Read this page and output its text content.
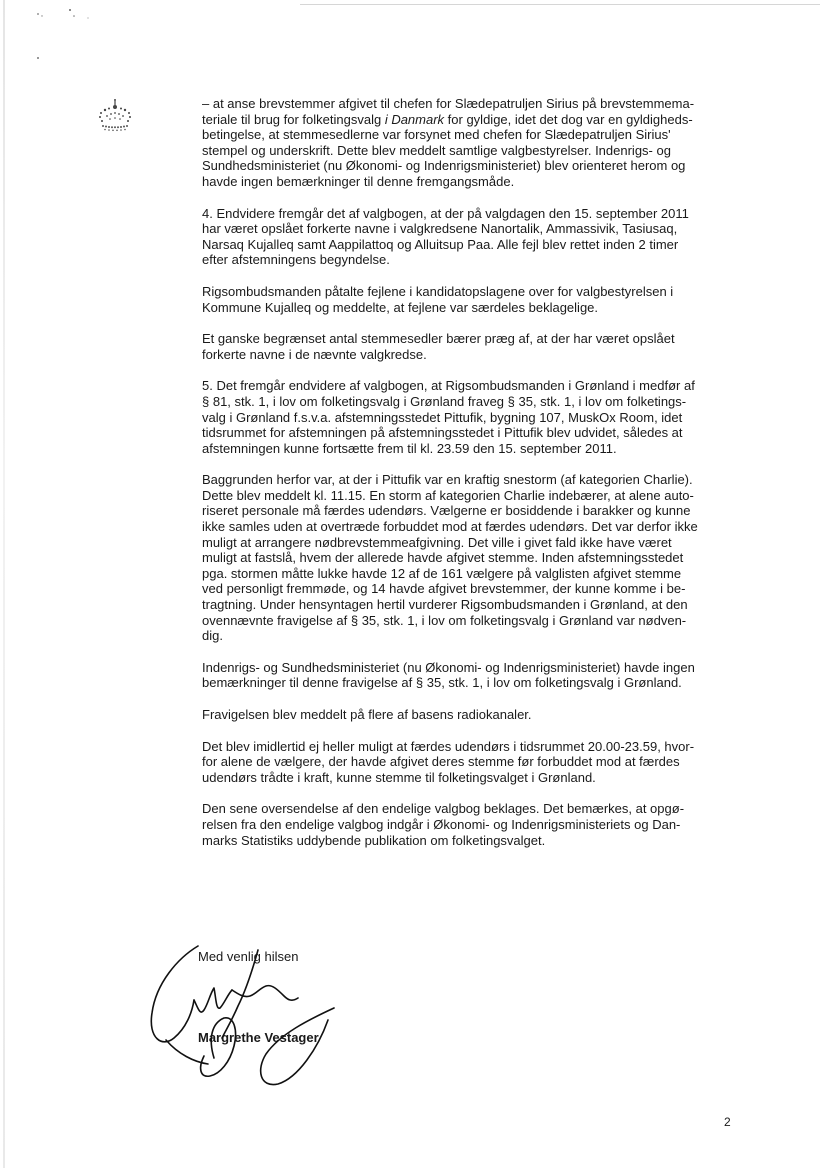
– at anse brevstemmer afgivet til chefen for Slædepatruljen Sirius på brevstemmema-
teriale til brug for folketingsvalg i Danmark for gyldige, idet det dog var en gyldigheds-
betingelse, at stemmesedlerne var forsynet med chefen for Slædepatruljen Sirius'
stempel og underskrift. Dette blev meddelt samtlige valgbestyrelser. Indenrigs- og
Sundhedsministeriet (nu Økonomi- og Indenrigsministeriet) blev orienteret herom og
havde ingen bemærkninger til denne fremgangsmåde.

4. Endvidere fremgår det af valgbogen, at der på valgdagen den 15. september 2011
har været opslået forkerte navne i valgkredsene Nanortalik, Ammassivik, Tasiusaq,
Narsaq Kujalleq samt Aappilattoq og Alluitsup Paa. Alle fejl blev rettet inden 2 timer
efter afstemningens begyndelse.

Rigsombudsmanden påtalte fejlene i kandidatopslagene over for valgbestyrelsen i
Kommune Kujalleq og meddelte, at fejlene var særdeles beklagelige.

Et ganske begrænset antal stemmesedler bærer præg af, at der har været opslået
forkerte navne i de nævnte valgkredse.

5. Det fremgår endvidere af valgbogen, at Rigsombudsmanden i Grønland i medfør af
§ 81, stk. 1, i lov om folketingsvalg i Grønland fraveg § 35, stk. 1, i lov om folketings-
valg i Grønland f.s.v.a. afstemningsstedet Pittufik, bygning 107, MuskOx Room, idet
tidsrummet for afstemningen på afstemningsstedet i Pittufik blev udvidet, således at
afstemningen kunne fortsætte frem til kl. 23.59 den 15. september 2011.

Baggrunden herfor var, at der i Pittufik var en kraftig snestorm (af kategorien Charlie).
Dette blev meddelt kl. 11.15. En storm af kategorien Charlie indebærer, at alene auto-
riseret personale må færdes udendørs. Vælgerne er bosiddende i barakker og kunne
ikke samles uden at overtræde forbuddet mod at færdes udendørs. Det var derfor ikke
muligt at arrangere nødbrevstemmeafgivning. Det ville i givet fald ikke have været
muligt at fastslå, hvem der allerede havde afgivet stemme. Inden afstemningsstedet
pga. stormen måtte lukke havde 12 af de 161 vælgere på valglisten afgivet stemme
ved personligt fremmøde, og 14 havde afgivet brevstemmer, der kunne komme i be-
tragtning. Under hensyntagen hertil vurderer Rigsombudsmanden i Grønland, at den
ovennævnte fravigelse af § 35, stk. 1, i lov om folketingsvalg i Grønland var nødven-
dig.

Indenrigs- og Sundhedsministeriet (nu Økonomi- og Indenrigsministeriet) havde ingen
bemærkninger til denne fravigelse af § 35, stk. 1, i lov om folketingsvalg i Grønland.

Fravigelsen blev meddelt på flere af basens radiokanaler.

Det blev imidlertid ej heller muligt at færdes udendørs i tidsrummet 20.00-23.59, hvor-
for alene de vælgere, der havde afgivet deres stemme før forbuddet mod at færdes
udendørs trådte i kraft, kunne stemme til folketingsvalget i Grønland.

Den sene oversendelse af den endelige valgbog beklages. Det bemærkes, at opgø-
relsen fra den endelige valgbog indgår i Økonomi- og Indenrigsministeriets og Dan-
marks Statistiks uddybende publikation om folketingsvalget.

Med venlig hilsen
Margrethe Vestager
2
